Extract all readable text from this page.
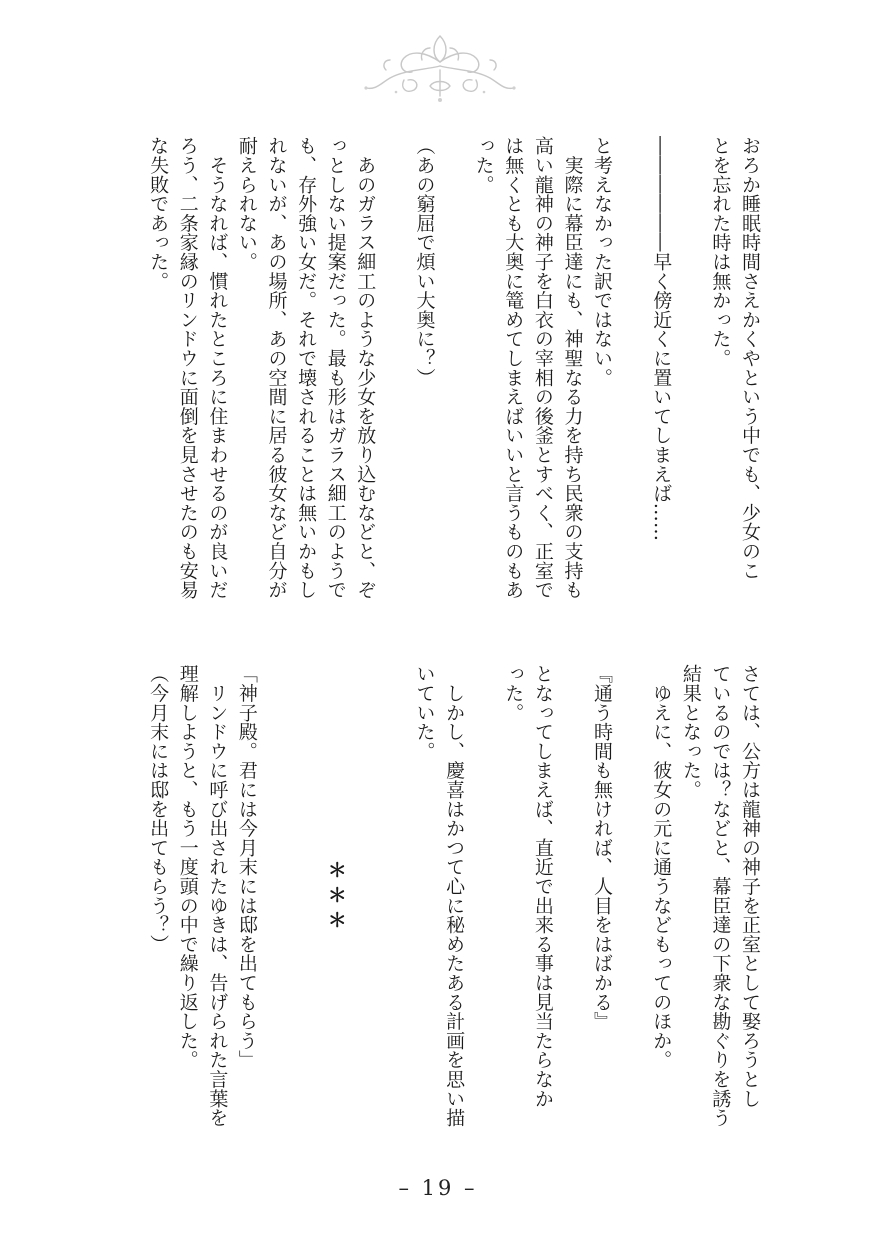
おろか睡眠時間さえかくやという中でも、少女のこ
とを忘れた時は無かった。
――――――早く傍近くに置いてしまえば……
と考えなかった訳ではない。
　実際に幕臣達にも、神聖なる力を持ち民衆の支持も
高い龍神の神子を白衣の宰相の後釜とすべく、正室で
は無くとも大奥に篭めてしまえばいいと言うものもあ
った。
（あの窮屈で煩い大奥に？）
　あのガラス細工のような少女を放り込むなどと、ぞ
っとしない提案だった。最も形はガラス細工のようで
も、存外強い女だ。それで壊されることは無いかもし
れないが、あの場所、あの空間に居る彼女など自分が
耐えられない。
　そうなれば、慣れたところに住まわせるのが良いだ
ろう、二条家縁のリンドウに面倒を見させたのも安易
な失敗であった。
さては、公方は龍神の神子を正室として娶ろうとし
ているのでは？などと、幕臣達の下衆な勘ぐりを誘う
結果となった。
　ゆえに、彼女の元に通うなどもってのほか。
『通う時間も無ければ、人目をはばかる』
となってしまえば、直近で出来る事は見当たらなか
った。
　しかし、慶喜はかつて心に秘めたある計画を思い描
いていた。
＊＊＊
「神子殿。君には今月末には邸を出てもらう」
　リンドウに呼び出されたゆきは、告げられた言葉を
理解しようと、もう一度頭の中で繰り返した。
（今月末には邸を出てもらう？）
– 19 –
